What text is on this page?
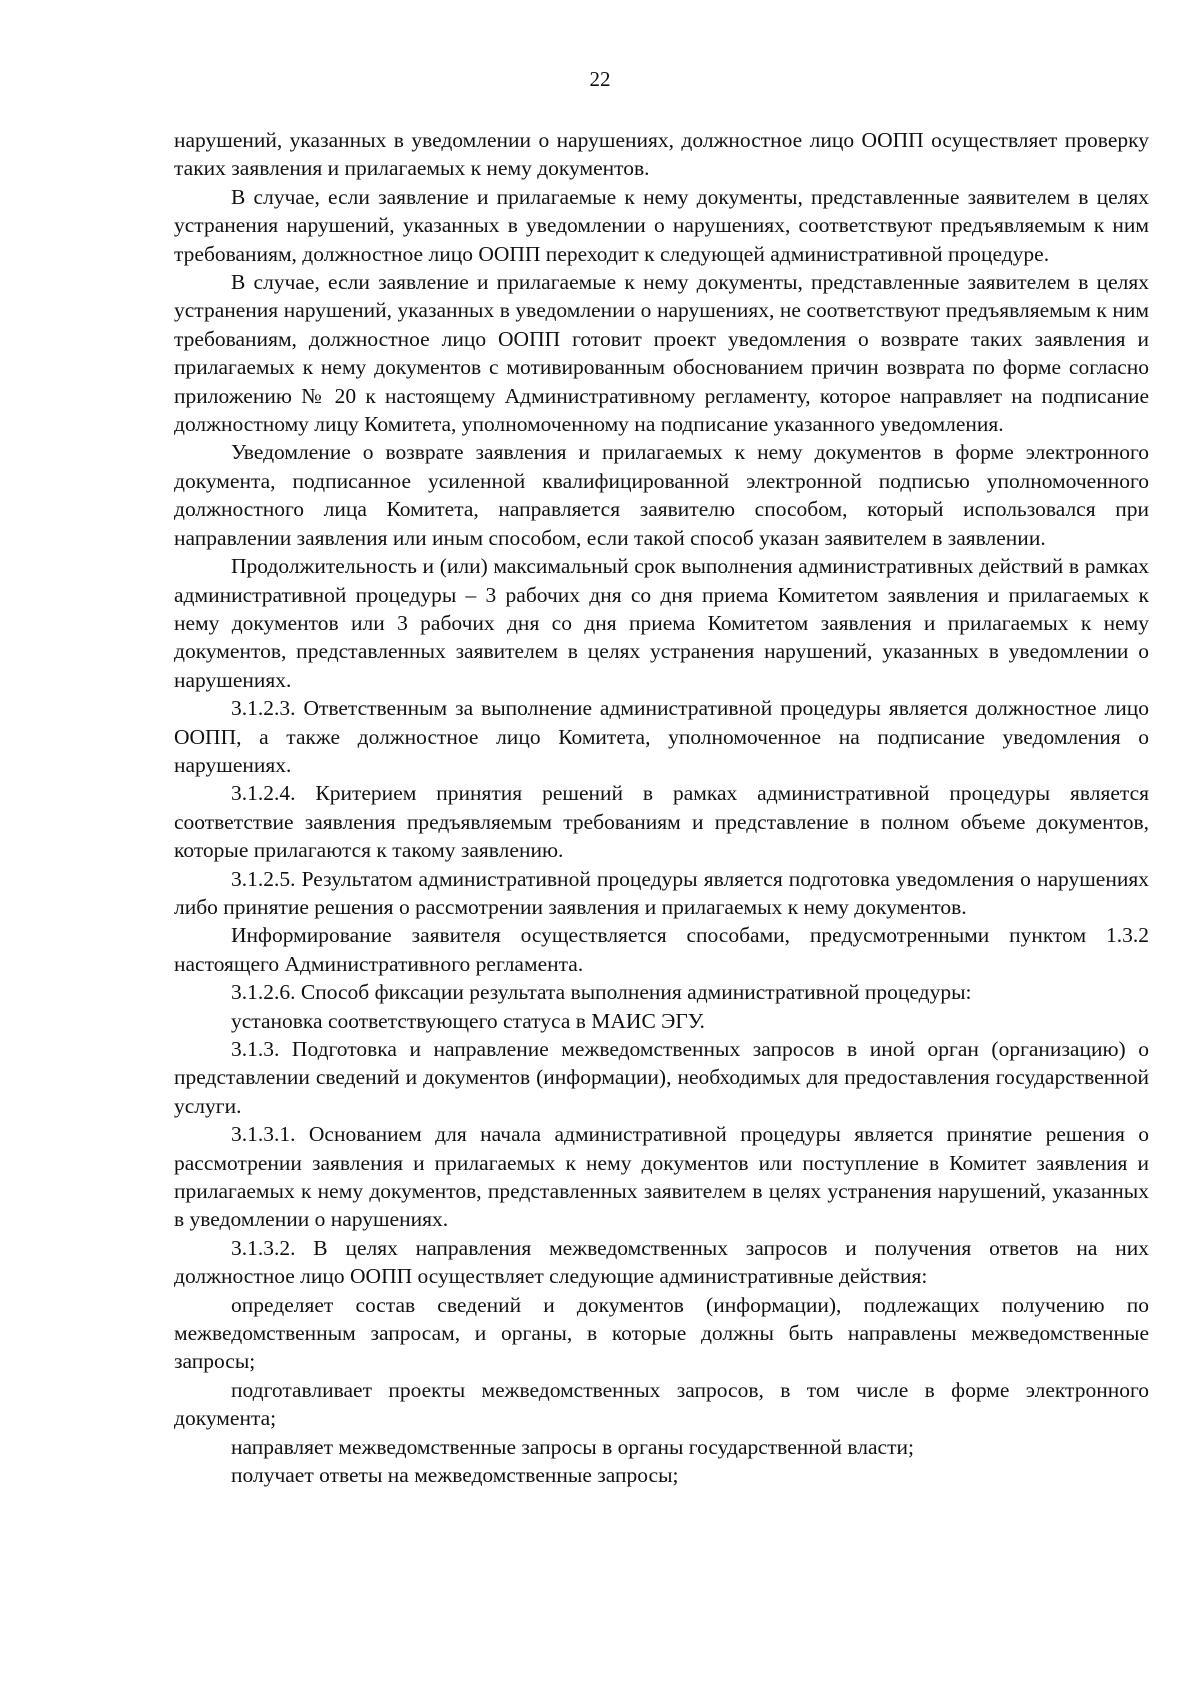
22

нарушений, указанных в уведомлении о нарушениях, должностное лицо ООПП осуществляет проверку таких заявления и прилагаемых к нему документов.

В случае, если заявление и прилагаемые к нему документы, представленные заявителем в целях устранения нарушений, указанных в уведомлении о нарушениях, соответствуют предъявляемым к ним требованиям, должностное лицо ООПП переходит к следующей административной процедуре.

В случае, если заявление и прилагаемые к нему документы, представленные заявителем в целях устранения нарушений, указанных в уведомлении о нарушениях, не соответствуют предъявляемым к ним требованиям, должностное лицо ООПП готовит проект уведомления о возврате таких заявления и прилагаемых к нему документов с мотивированным обоснованием причин возврата по форме согласно приложению № 20 к настоящему Административному регламенту, которое направляет на подписание должностному лицу Комитета, уполномоченному на подписание указанного уведомления.

Уведомление о возврате заявления и прилагаемых к нему документов в форме электронного документа, подписанное усиленной квалифицированной электронной подписью уполномоченного должностного лица Комитета, направляется заявителю способом, который использовался при направлении заявления или иным способом, если такой способ указан заявителем в заявлении.

Продолжительность и (или) максимальный срок выполнения административных действий в рамках административной процедуры – 3 рабочих дня со дня приема Комитетом заявления и прилагаемых к нему документов или 3 рабочих дня со дня приема Комитетом заявления и прилагаемых к нему документов, представленных заявителем в целях устранения нарушений, указанных в уведомлении о нарушениях.

3.1.2.3. Ответственным за выполнение административной процедуры является должностное лицо ООПП, а также должностное лицо Комитета, уполномоченное на подписание уведомления о нарушениях.

3.1.2.4. Критерием принятия решений в рамках административной процедуры является соответствие заявления предъявляемым требованиям и представление в полном объеме документов, которые прилагаются к такому заявлению.

3.1.2.5. Результатом административной процедуры является подготовка уведомления о нарушениях либо принятие решения о рассмотрении заявления и прилагаемых к нему документов.

Информирование заявителя осуществляется способами, предусмотренными пунктом 1.3.2 настоящего Административного регламента.

3.1.2.6. Способ фиксации результата выполнения административной процедуры:

установка соответствующего статуса в МАИС ЭГУ.

3.1.3. Подготовка и направление межведомственных запросов в иной орган (организацию) о представлении сведений и документов (информации), необходимых для предоставления государственной услуги.

3.1.3.1. Основанием для начала административной процедуры является принятие решения о рассмотрении заявления и прилагаемых к нему документов или поступление в Комитет заявления и прилагаемых к нему документов, представленных заявителем в целях устранения нарушений, указанных в уведомлении о нарушениях.

3.1.3.2. В целях направления межведомственных запросов и получения ответов на них должностное лицо ООПП осуществляет следующие административные действия:

определяет состав сведений и документов (информации), подлежащих получению по межведомственным запросам, и органы, в которые должны быть направлены межведомственные запросы;

подготавливает проекты межведомственных запросов, в том числе в форме электронного документа;

направляет межведомственные запросы в органы государственной власти;

получает ответы на межведомственные запросы;
